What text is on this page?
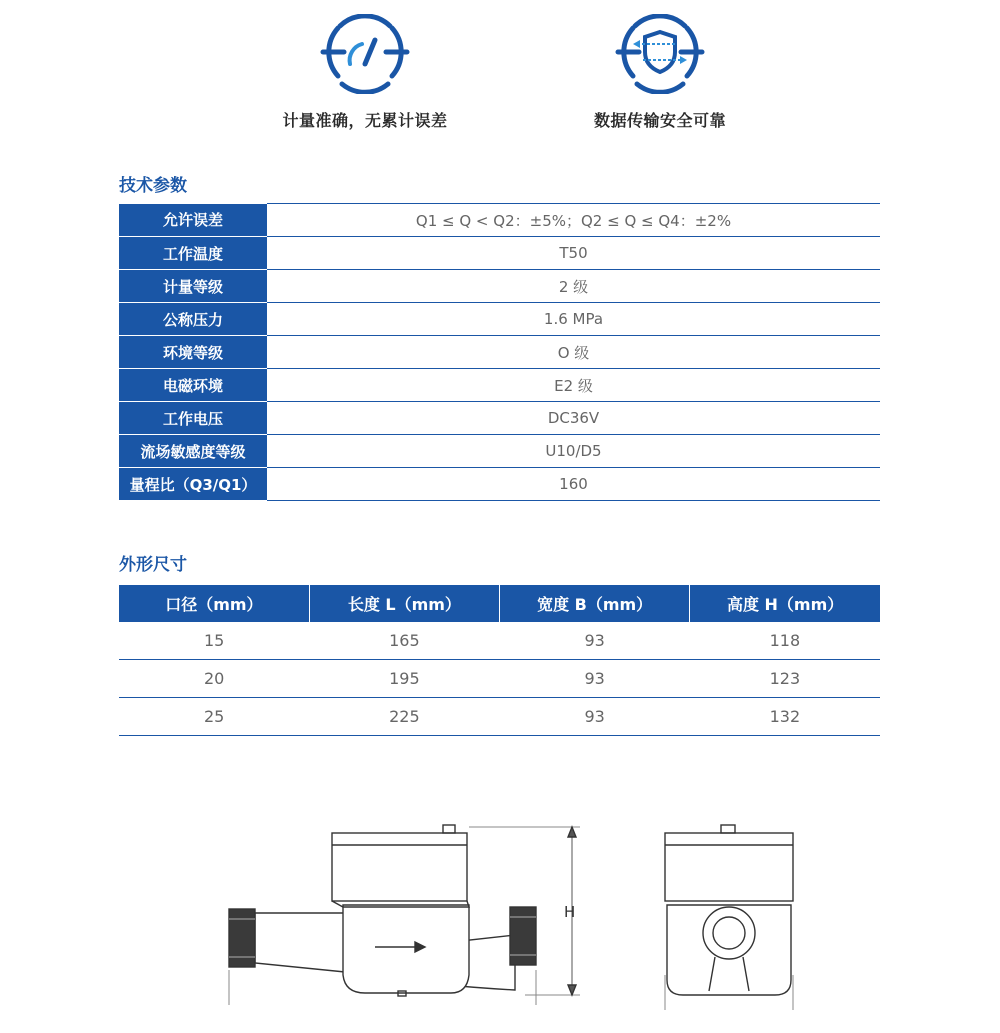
计量准确，无累计误差	数据传输安全可靠
技术参数
允许误差	Q1 ≤ Q < Q2：±5%；Q2 ≤ Q ≤ Q4：±2%
工作温度	T50
计量等级	2 级
公称压力	1.6 MPa
环境等级	O 级
电磁环境	E2 级
工作电压	DC36V
流场敏感度等级	U10/D5
量程比（Q3/Q1）	160
外形尺寸
口径（mm）	长度 L（mm）	宽度 B（mm）	高度 H（mm）
15	165	93	118
20	195	93	123
25	225	93	132
H
